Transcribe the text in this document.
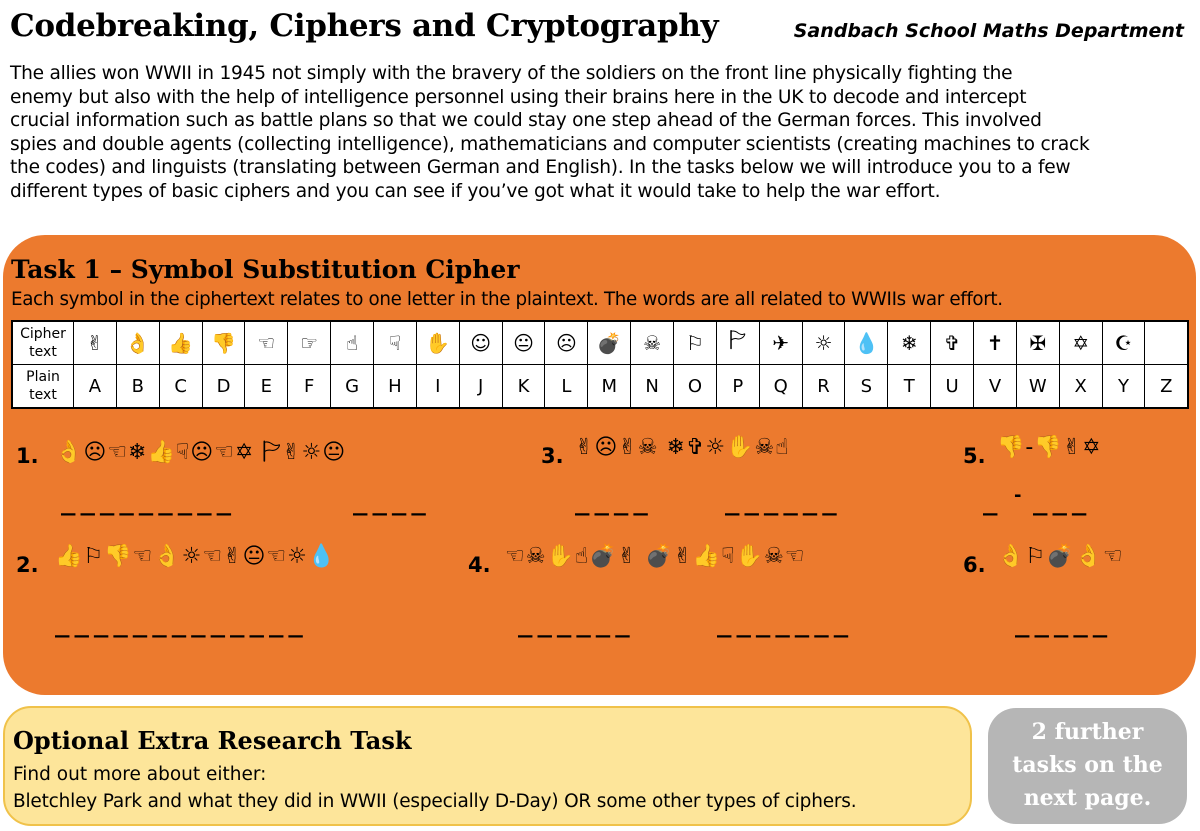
Codebreaking, Ciphers and Cryptography	Sandbach School Maths Department
The allies won WWII in 1945 not simply with the bravery of the soldiers on the front line physically fighting the
enemy but also with the help of intelligence personnel using their brains here in the UK to decode and intercept
crucial information such as battle plans so that we could stay one step ahead of the German forces. This involved
spies and double agents (collecting intelligence), mathematicians and computer scientists (creating machines to crack
the codes) and linguists (translating between German and English). In the tasks below we will introduce you to a few
different types of basic ciphers and you can see if you’ve got what it would take to help the war effort.
Task 1 – Symbol Substitution Cipher
Each symbol in the ciphertext relates to one letter in the plaintext. The words are all related to WWIIs war effort.
Cipher
text	✌	👌	👍	👎	☜	☞	☝	☟	✋	☺	😐	☹	💣	☠	⚐	🏱	✈	☼	💧	❄	✞	✝	✠	✡	☪	

Plain
text	A	B	C	D	E	F	G	H	I	J	K	L	M	N	O	P	Q	R	S	T	U	V	W	X	Y	Z
1. 👌☹☜❄👍☟☹☜✡ 🏱✌☼😐
_________	____
3. ✌☹✌☠ ❄✞☼✋☠☝
____	______
5. 👎-👎✌✡
_ - ___
2. 👍⚐👎☜👌☼☜✌😐☜☼💧
_____________
4. ☜☠✋☝💣✌ 💣✌👍☟✋☠☜
______	_______
6. 👌⚐💣👌☜
_____
Optional Extra Research Task
Find out more about either:
Bletchley Park and what they did in WWII (especially D-Day) OR some other types of ciphers.
2 further
tasks on the
next page.
